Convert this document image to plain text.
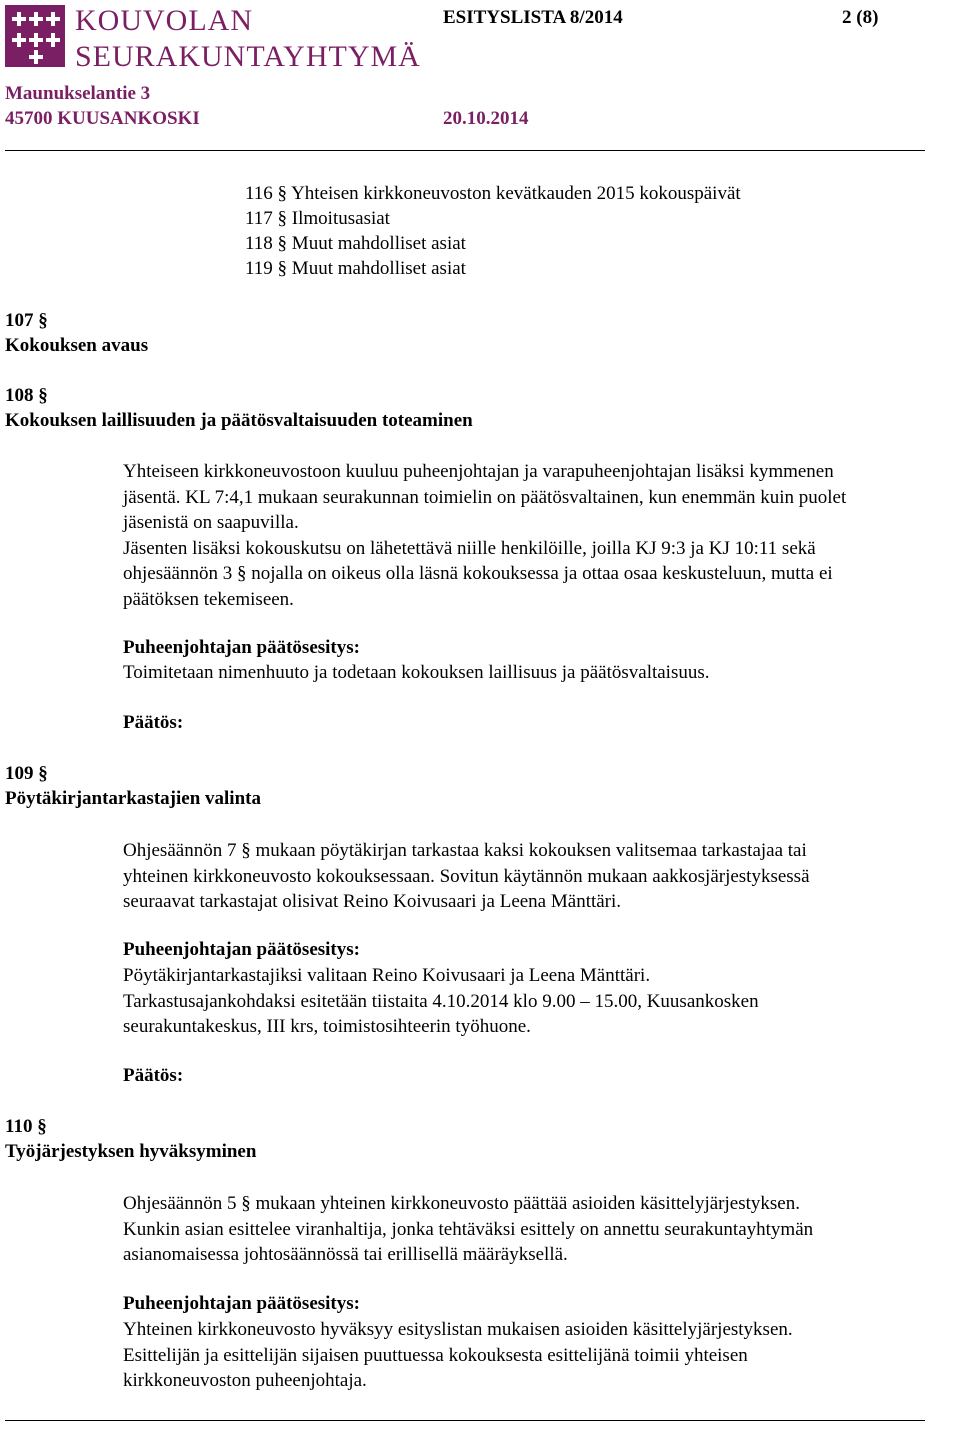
KOUVOLAN
SEURAKUNTAYHTYMÄ
ESITYSLISTA 8/2014	2 (8)
Maunukselantie 3
45700 KUUSANKOSKI	20.10.2014
116 § Yhteisen kirkkoneuvoston kevätkauden 2015 kokouspäivät
117 § Ilmoitusasiat
118 § Muut mahdolliset asiat
119 § Muut mahdolliset asiat
107 §
Kokouksen avaus
108 §
Kokouksen laillisuuden ja päätösvaltaisuuden toteaminen
Yhteiseen kirkkoneuvostoon kuuluu puheenjohtajan ja varapuheenjohtajan lisäksi kymmenen
jäsentä. KL 7:4,1 mukaan seurakunnan toimielin on päätösvaltainen, kun enemmän kuin puolet
jäsenistä on saapuvilla.
Jäsenten lisäksi kokouskutsu on lähetettävä niille henkilöille, joilla KJ 9:3 ja KJ 10:11 sekä
ohjesäännön 3 § nojalla on oikeus olla läsnä kokouksessa ja ottaa osaa keskusteluun, mutta ei
päätöksen tekemiseen.
Puheenjohtajan päätösesitys:
Toimitetaan nimenhuuto ja todetaan kokouksen laillisuus ja päätösvaltaisuus.
Päätös:
109 §
Pöytäkirjantarkastajien valinta
Ohjesäännön 7 § mukaan pöytäkirjan tarkastaa kaksi kokouksen valitsemaa tarkastajaa tai
yhteinen kirkkoneuvosto kokouksessaan. Sovitun käytännön mukaan aakkosjärjestyksessä
seuraavat tarkastajat olisivat Reino Koivusaari ja Leena Mänttäri.
Puheenjohtajan päätösesitys:
Pöytäkirjantarkastajiksi valitaan Reino Koivusaari ja Leena Mänttäri.
Tarkastusajankohdaksi esitetään tiistaita 4.10.2014 klo 9.00 – 15.00, Kuusankosken
seurakuntakeskus, III krs, toimistosihteerin työhuone.
Päätös:
110 §
Työjärjestyksen hyväksyminen
Ohjesäännön 5 § mukaan yhteinen kirkkoneuvosto päättää asioiden käsittelyjärjestyksen.
Kunkin asian esittelee viranhaltija, jonka tehtäväksi esittely on annettu seurakuntayhtymän
asianomaisessa johtosäännössä tai erillisellä määräyksellä.
Puheenjohtajan päätösesitys:
Yhteinen kirkkoneuvosto hyväksyy esityslistan mukaisen asioiden käsittelyjärjestyksen.
Esittelijän ja esittelijän sijaisen puuttuessa kokouksesta esittelijänä toimii yhteisen
kirkkoneuvoston puheenjohtaja.
